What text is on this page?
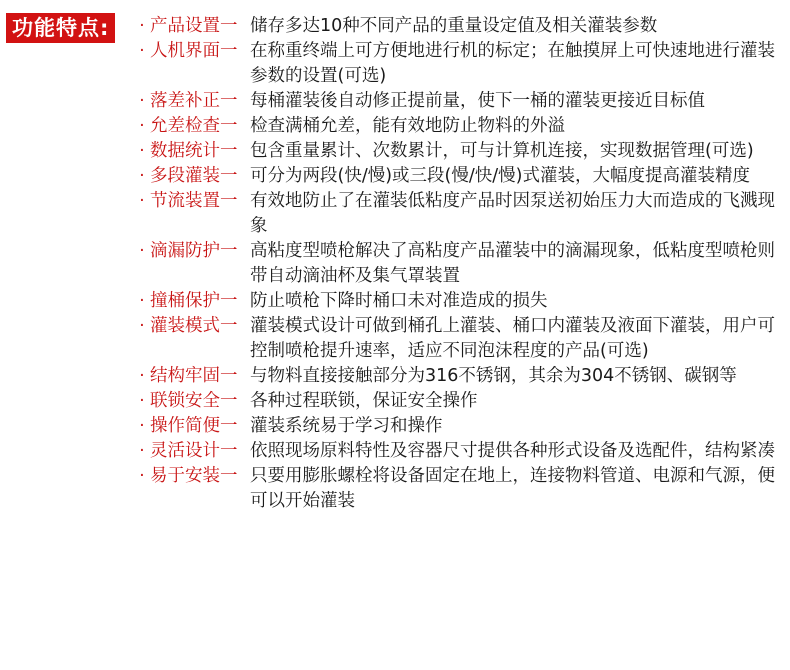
功能特点:	· 产品设置一 储存多达10种不同产品的重量设定值及相关灌装参数

· 人机界面一 在称重终端上可方便地进行机的标定；在触摸屏上可快速地进行灌装参数的设置(可选)

· 落差补正一 每桶灌装後自动修正提前量，使下一桶的灌装更接近目标值

· 允差检查一 检查满桶允差，能有效地防止物料的外溢

· 数据统计一 包含重量累计、次数累计，可与计算机连接，实现数据管理(可选)

· 多段灌装一 可分为两段(快/慢)或三段(慢/快/慢)式灌装，大幅度提高灌装精度

· 节流装置一 有效地防止了在灌装低粘度产品时因泵送初始压力大而造成的飞溅现象

· 滴漏防护一 高粘度型喷枪解决了高粘度产品灌装中的滴漏现象，低粘度型喷枪则带自动滴油杯及集气罩装置

· 撞桶保护一 防止喷枪下降时桶口未对准造成的损失

· 灌装模式一 灌装模式设计可做到桶孔上灌装、桶口内灌装及液面下灌装，用户可控制喷枪提升速率，适应不同泡沫程度的产品(可选)

· 结构牢固一 与物料直接接触部分为316不锈钢，其余为304不锈钢、碳钢等

· 联锁安全一 各种过程联锁，保证安全操作

· 操作简便一 灌装系统易于学习和操作

· 灵活设计一 依照现场原料特性及容器尺寸提供各种形式设备及选配件，结构紧凑

· 易于安装一 只要用膨胀螺栓将设备固定在地上，连接物料管道、电源和气源，便可以开始灌装
